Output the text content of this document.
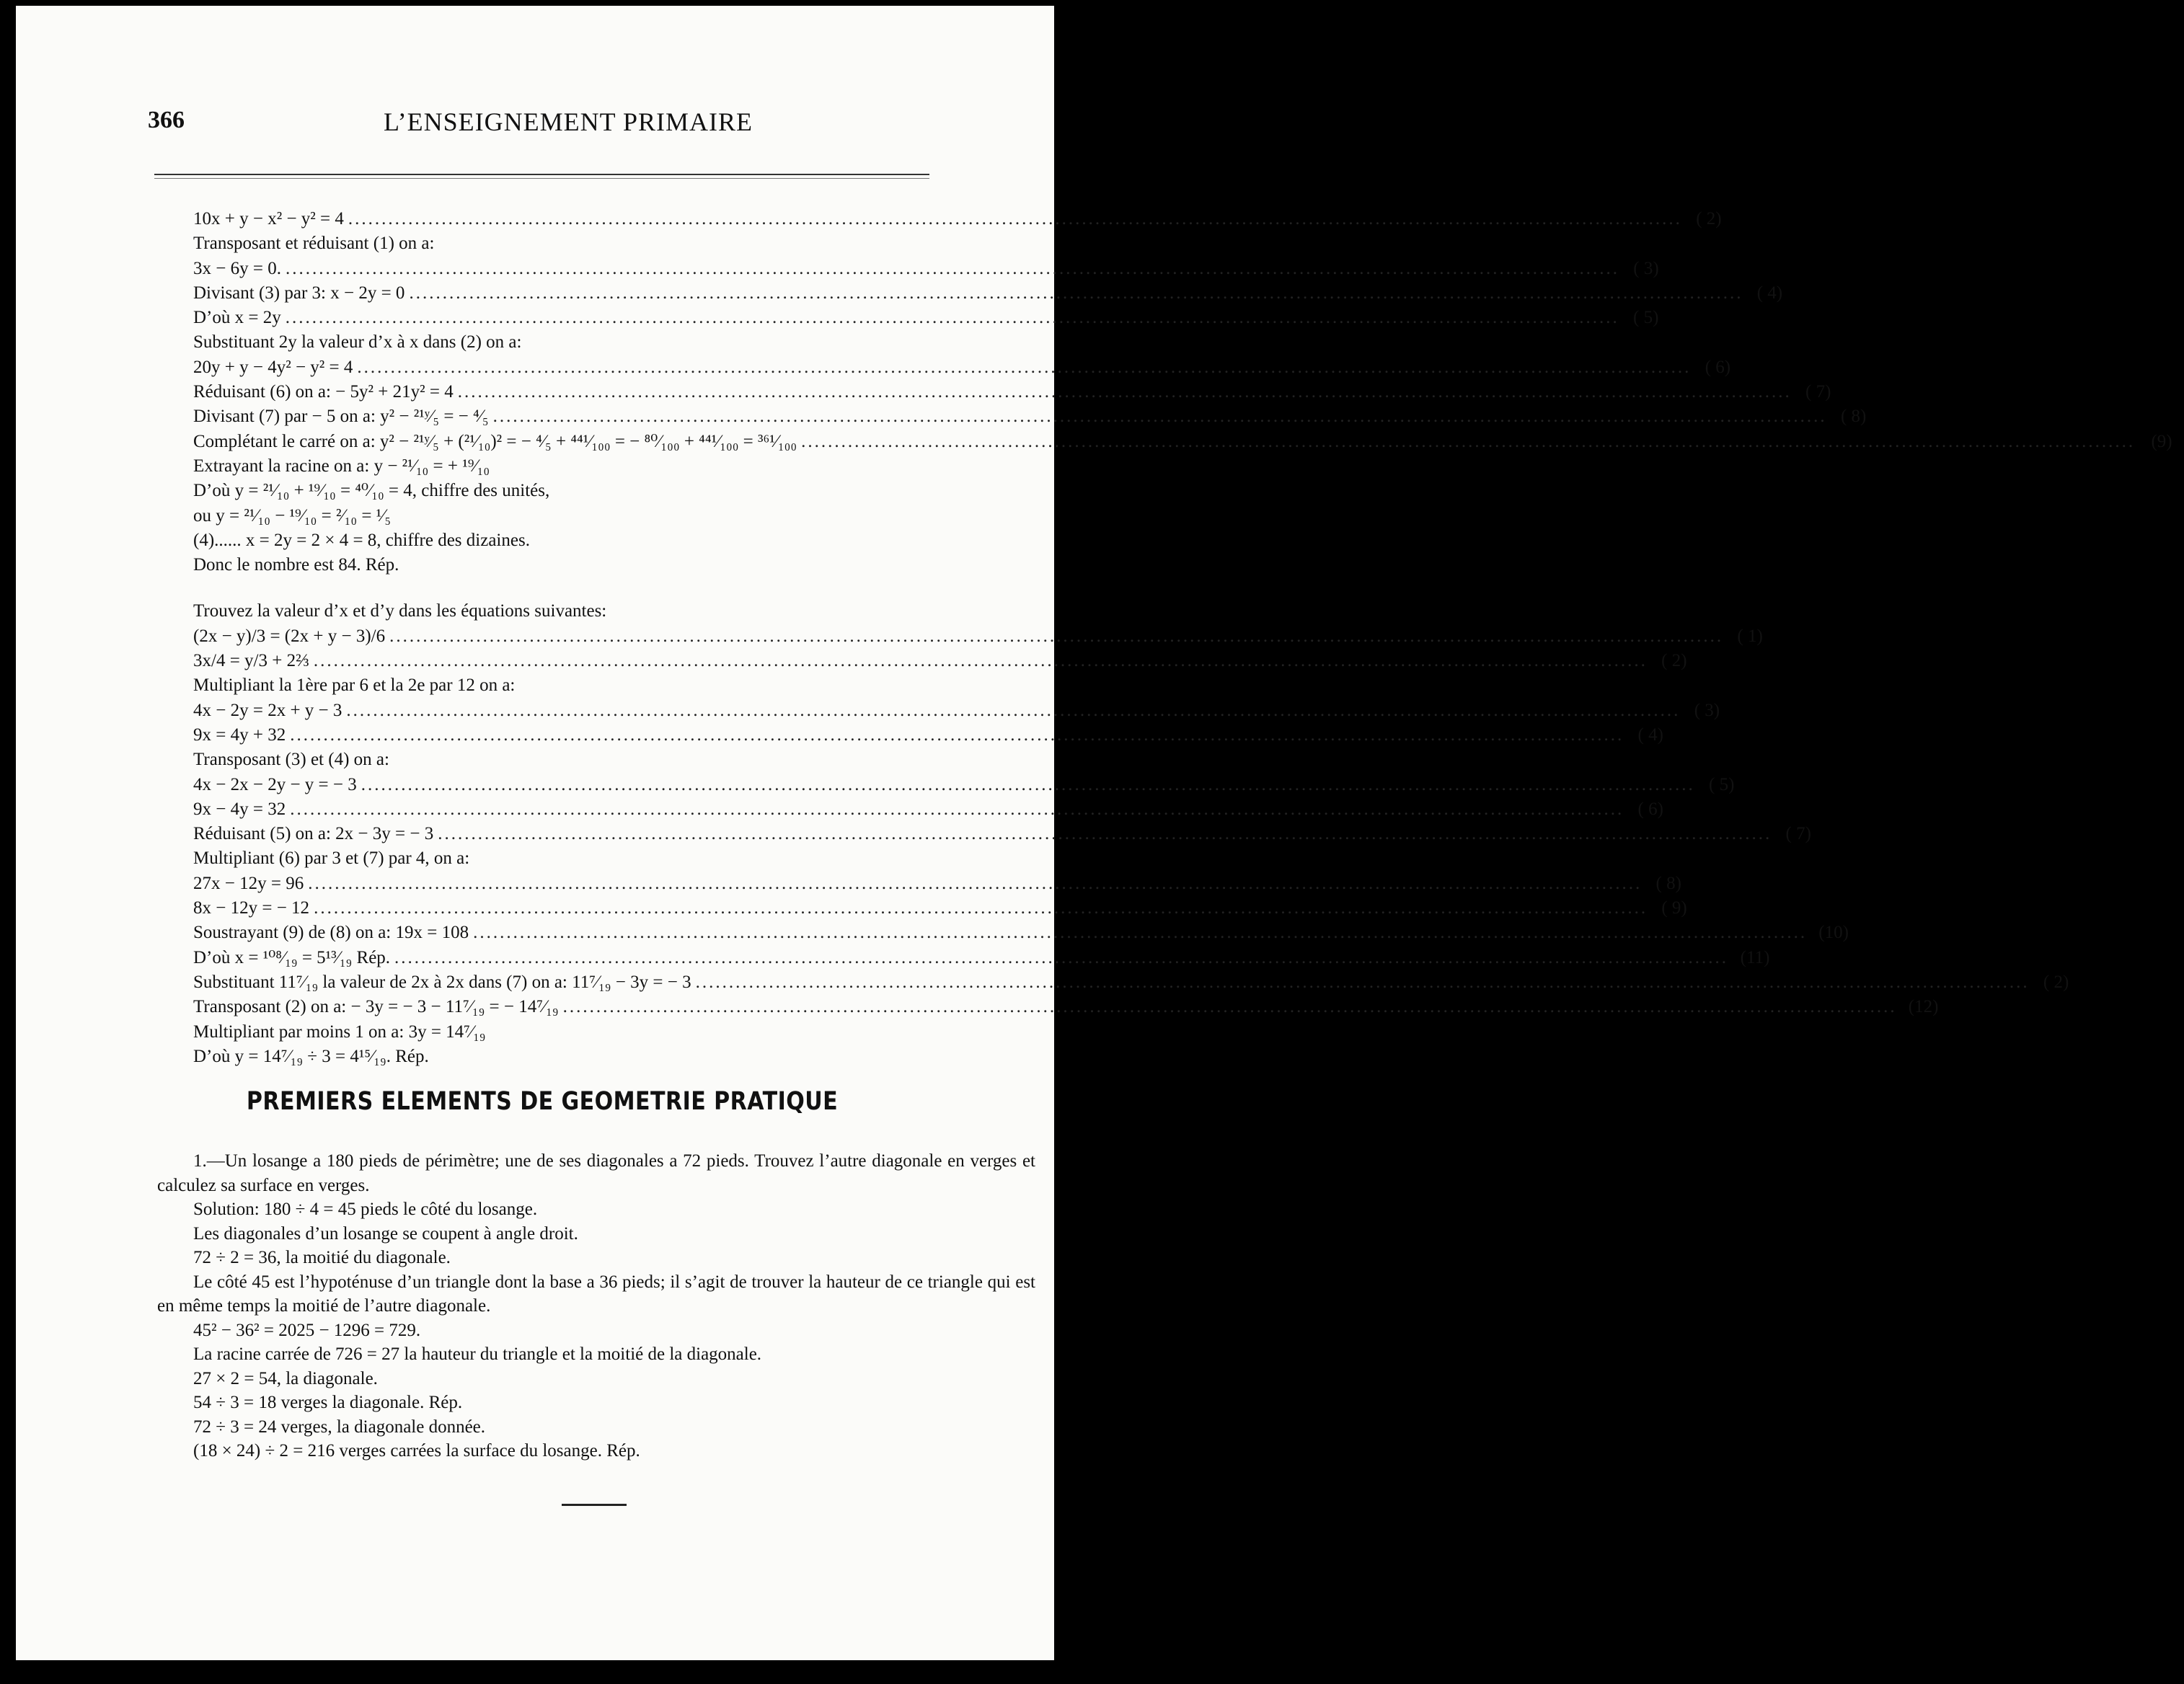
366	L’ENSEIGNEMENT PRIMAIRE
10x + y − x² − y² = 4 ........................................................................................................................................................................................................ ( 2)
Transposant et réduisant (1) on a:
3x − 6y = 0. ........................................................................................................................................................................................................ ( 3)
Divisant (3) par 3: x − 2y = 0 ........................................................................................................................................................................................................ ( 4)
D’où x = 2y ........................................................................................................................................................................................................ ( 5)
Substituant 2y la valeur d’x à x dans (2) on a:
20y + y − 4y² − y² = 4 ........................................................................................................................................................................................................ ( 6)
Réduisant (6) on a: − 5y² + 21y² = 4 ........................................................................................................................................................................................................ ( 7)
Divisant (7) par − 5 on a: y² − ²¹ʸ⁄₅ = − ⁴⁄₅ ........................................................................................................................................................................................................ ( 8)
Complétant le carré on a: y² − ²¹ʸ⁄₅ + (²¹⁄₁₀)² = − ⁴⁄₅ + ⁴⁴¹⁄₁₀₀ = − ⁸⁰⁄₁₀₀ + ⁴⁴¹⁄₁₀₀ = ³⁶¹⁄₁₀₀ ........................................................................................................................................................................................................ (9)
Extrayant la racine on a: y − ²¹⁄₁₀ = + ¹⁹⁄₁₀
D’où y = ²¹⁄₁₀ + ¹⁹⁄₁₀ = ⁴⁰⁄₁₀ = 4, chiffre des unités,
ou y = ²¹⁄₁₀ − ¹⁹⁄₁₀ = ²⁄₁₀ = ¹⁄₅
(4)...... x = 2y = 2 × 4 = 8, chiffre des dizaines.
Donc le nombre est 84. Rép.
Trouvez la valeur d’x et d’y dans les équations suivantes:
(2x − y)/3 = (2x + y − 3)/6 ........................................................................................................................................................................................................ ( 1)
3x/4 = y/3 + 2⅔ ........................................................................................................................................................................................................ ( 2)
Multipliant la 1ère par 6 et la 2e par 12 on a:
4x − 2y = 2x + y − 3 ........................................................................................................................................................................................................ ( 3)
9x = 4y + 32 ........................................................................................................................................................................................................ ( 4)
Transposant (3) et (4) on a:
4x − 2x − 2y − y = − 3 ........................................................................................................................................................................................................ ( 5)
9x − 4y = 32 ........................................................................................................................................................................................................ ( 6)
Réduisant (5) on a: 2x − 3y = − 3 ........................................................................................................................................................................................................ ( 7)
Multipliant (6) par 3 et (7) par 4, on a:
27x − 12y = 96 ........................................................................................................................................................................................................ ( 8)
8x − 12y = − 12 ........................................................................................................................................................................................................ ( 9)
Soustrayant (9) de (8) on a: 19x = 108 ........................................................................................................................................................................................................ (10)
D’où x = ¹⁰⁸⁄₁₉ = 5¹³⁄₁₉ Rép. ........................................................................................................................................................................................................ (11)
Substituant 11⁷⁄₁₉ la valeur de 2x à 2x dans (7) on a: 11⁷⁄₁₉ − 3y = − 3 ........................................................................................................................................................................................................ ( 2)
Transposant (2) on a: − 3y = − 3 − 11⁷⁄₁₉ = − 14⁷⁄₁₉ ........................................................................................................................................................................................................ (12)
Multipliant par moins 1 on a: 3y = 14⁷⁄₁₉
D’où y = 14⁷⁄₁₉ ÷ 3 = 4¹⁵⁄₁₉. Rép.
PREMIERS ELEMENTS DE GEOMETRIE PRATIQUE

1.—Un losange a 180 pieds de périmètre; une de ses diagonales a 72 pieds. Trouvez l’autre diagonale en verges et calculez sa surface en verges.

Solution: 180 ÷ 4 = 45 pieds le côté du losange.

Les diagonales d’un losange se coupent à angle droit.

72 ÷ 2 = 36, la moitié du diagonale.

Le côté 45 est l’hypoténuse d’un triangle dont la base a 36 pieds; il s’agit de trouver la hauteur de ce triangle qui est en même temps la moitié de l’autre diagonale.

45² − 36² = 2025 − 1296 = 729.

La racine carrée de 726 = 27 la hauteur du triangle et la moitié de la diagonale.

27 × 2 = 54, la diagonale.

54 ÷ 3 = 18 verges la diagonale. Rép.

72 ÷ 3 = 24 verges, la diagonale donnée.

(18 × 24) ÷ 2 = 216 verges carrées la surface du losange. Rép.
